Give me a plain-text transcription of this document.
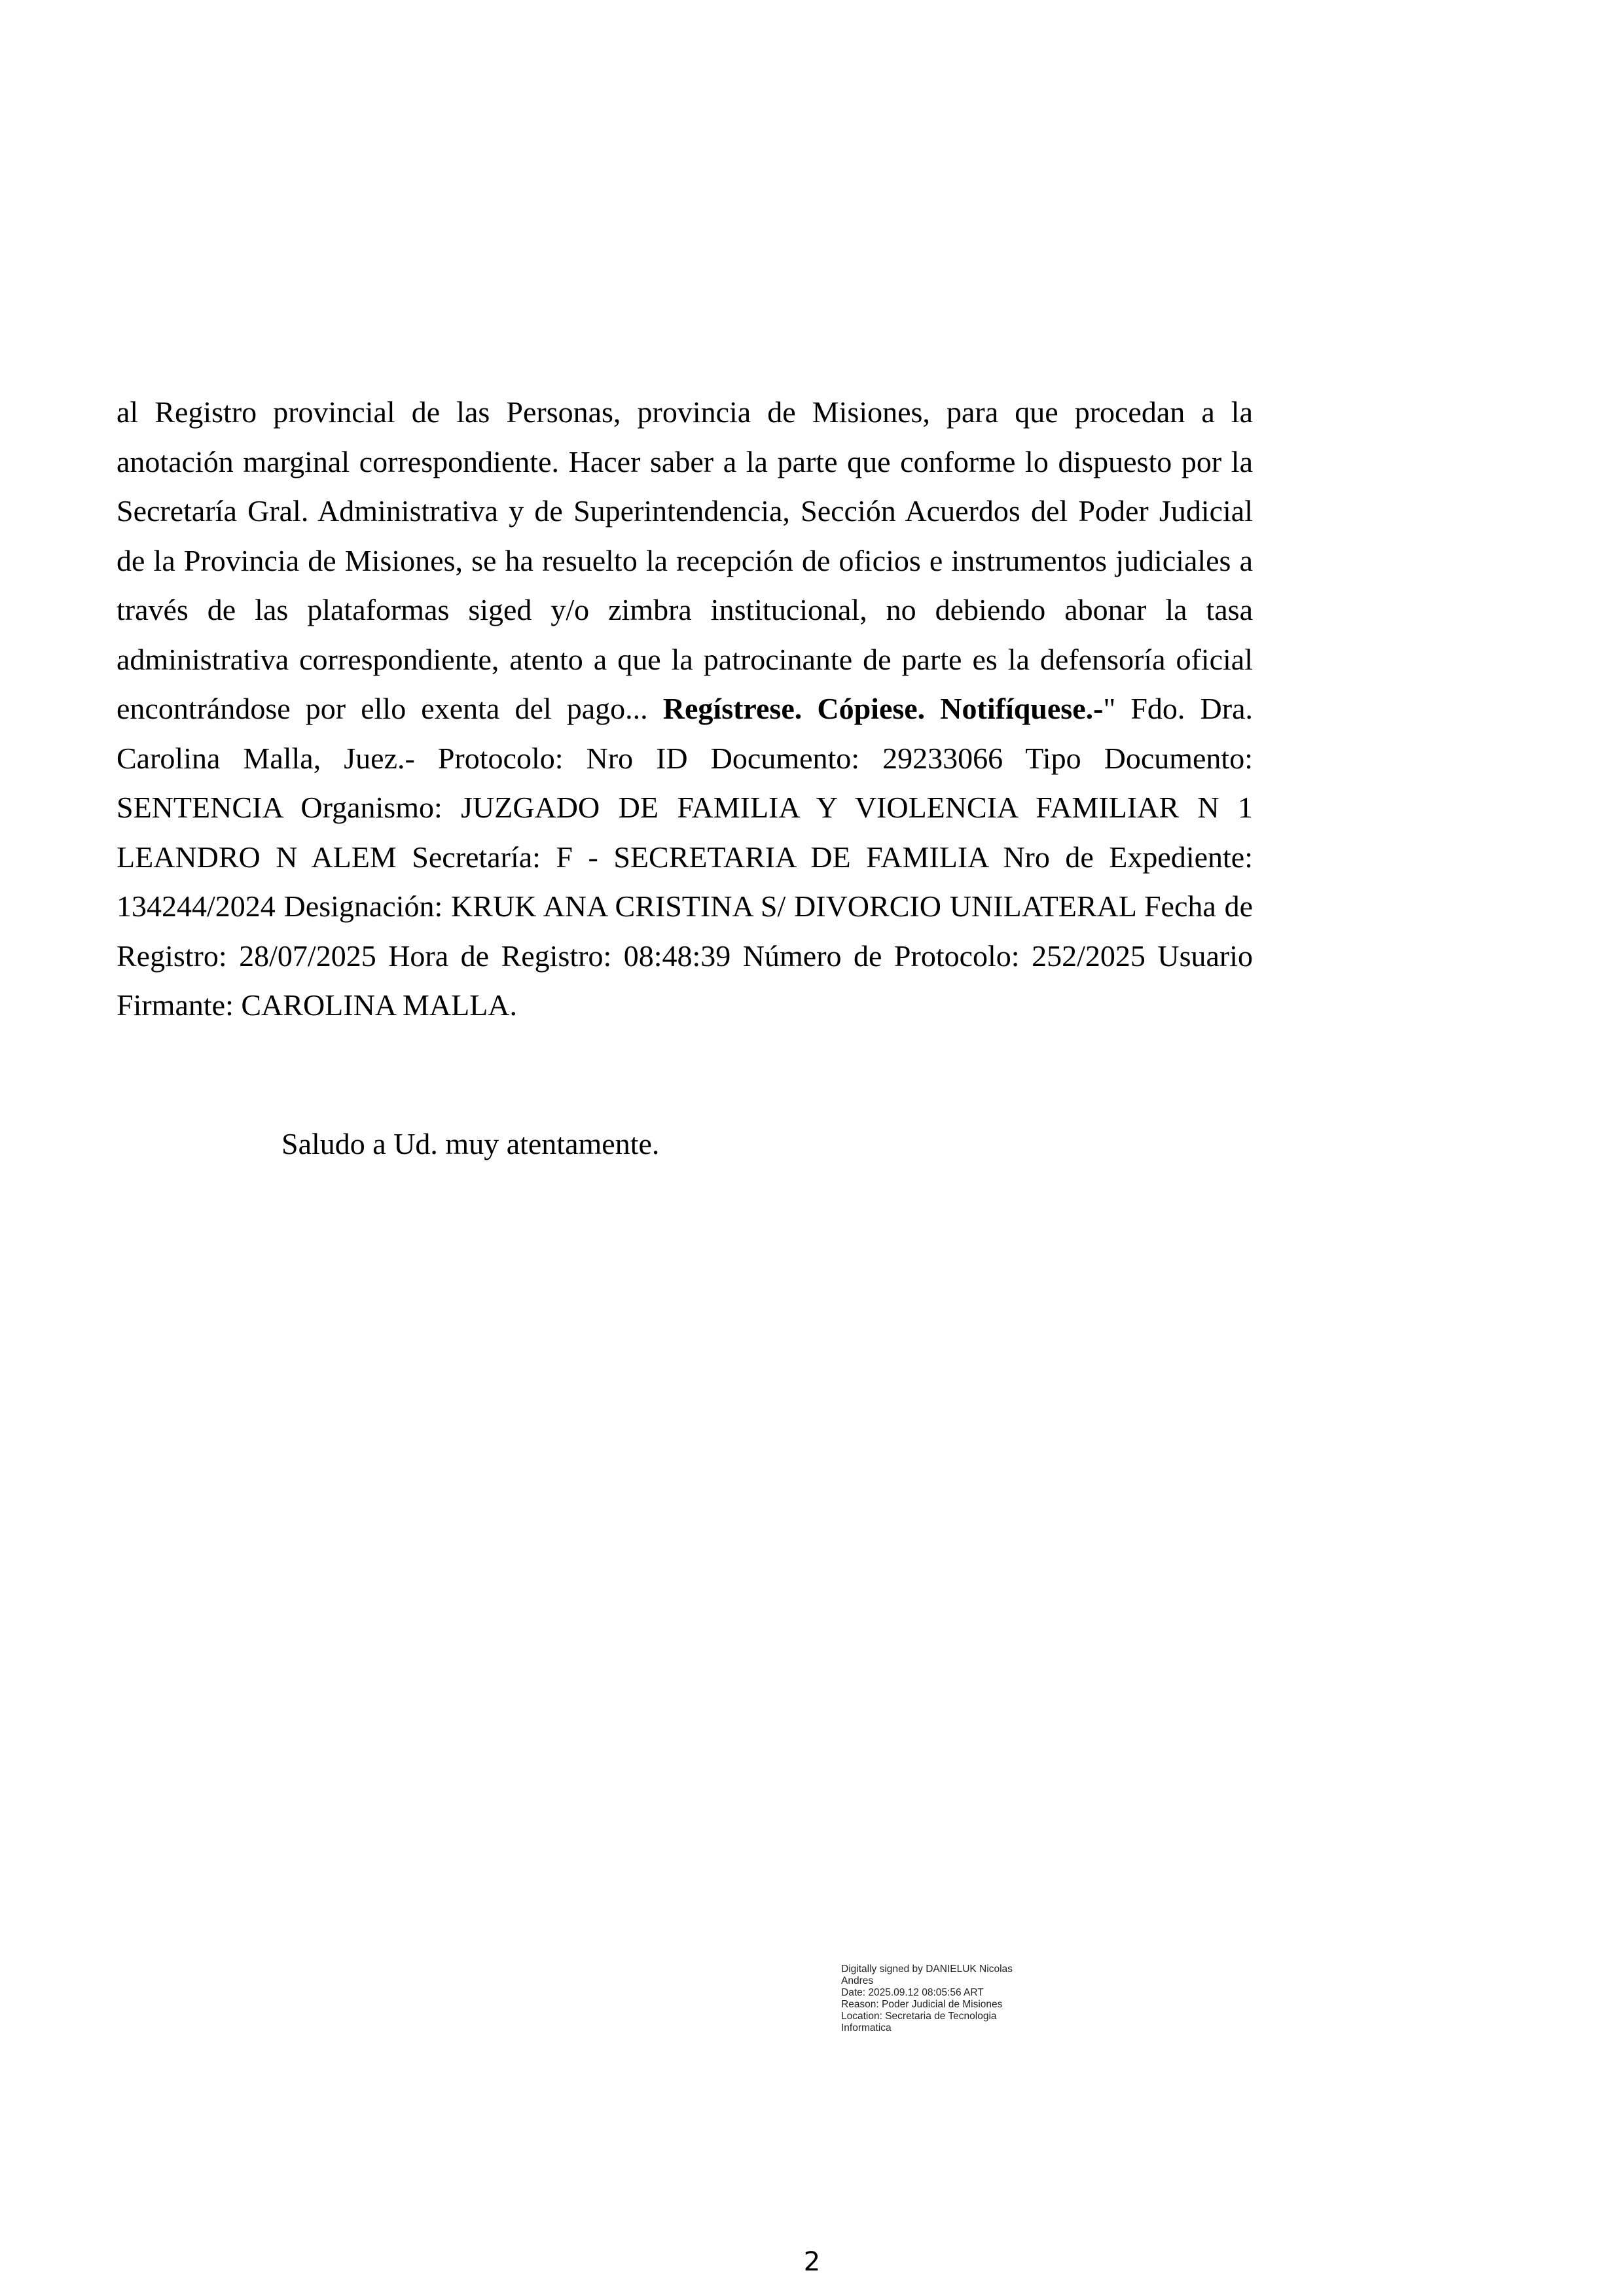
al Registro provincial de las Personas, provincia de Misiones, para que procedan a la anotación marginal correspondiente. Hacer saber a la parte que conforme lo dispuesto por la Secretaría Gral. Administrativa y de Superintendencia, Sección Acuerdos del Poder Judicial de la Provincia de Misiones, se ha resuelto la recepción de oficios e instrumentos judiciales a través de las plataformas siged y/o zimbra institucional, no debiendo abonar la tasa administrativa correspondiente, atento a que la patrocinante de parte es la defensoría oficial encontrándose por ello exenta del pago... Regístrese. Cópiese. Notifíquese.-" Fdo. Dra. Carolina Malla, Juez.- Protocolo: Nro ID Documento: 29233066 Tipo Documento: SENTENCIA Organismo: JUZGADO DE FAMILIA Y VIOLENCIA FAMILIAR N 1 LEANDRO N ALEM Secretaría: F - SECRETARIA DE FAMILIA Nro de Expediente: 134244/2024 Designación: KRUK ANA CRISTINA S/ DIVORCIO UNILATERAL Fecha de Registro: 28/07/2025 Hora de Registro: 08:48:39 Número de Protocolo: 252/2025 Usuario Firmante: CAROLINA MALLA.

Saludo a Ud. muy atentamente.

Digitally signed by DANIELUK Nicolas
Andres
Date: 2025.09.12 08:05:56 ART
Reason: Poder Judicial de Misiones
Location: Secretaria de Tecnologia
Informatica
2
